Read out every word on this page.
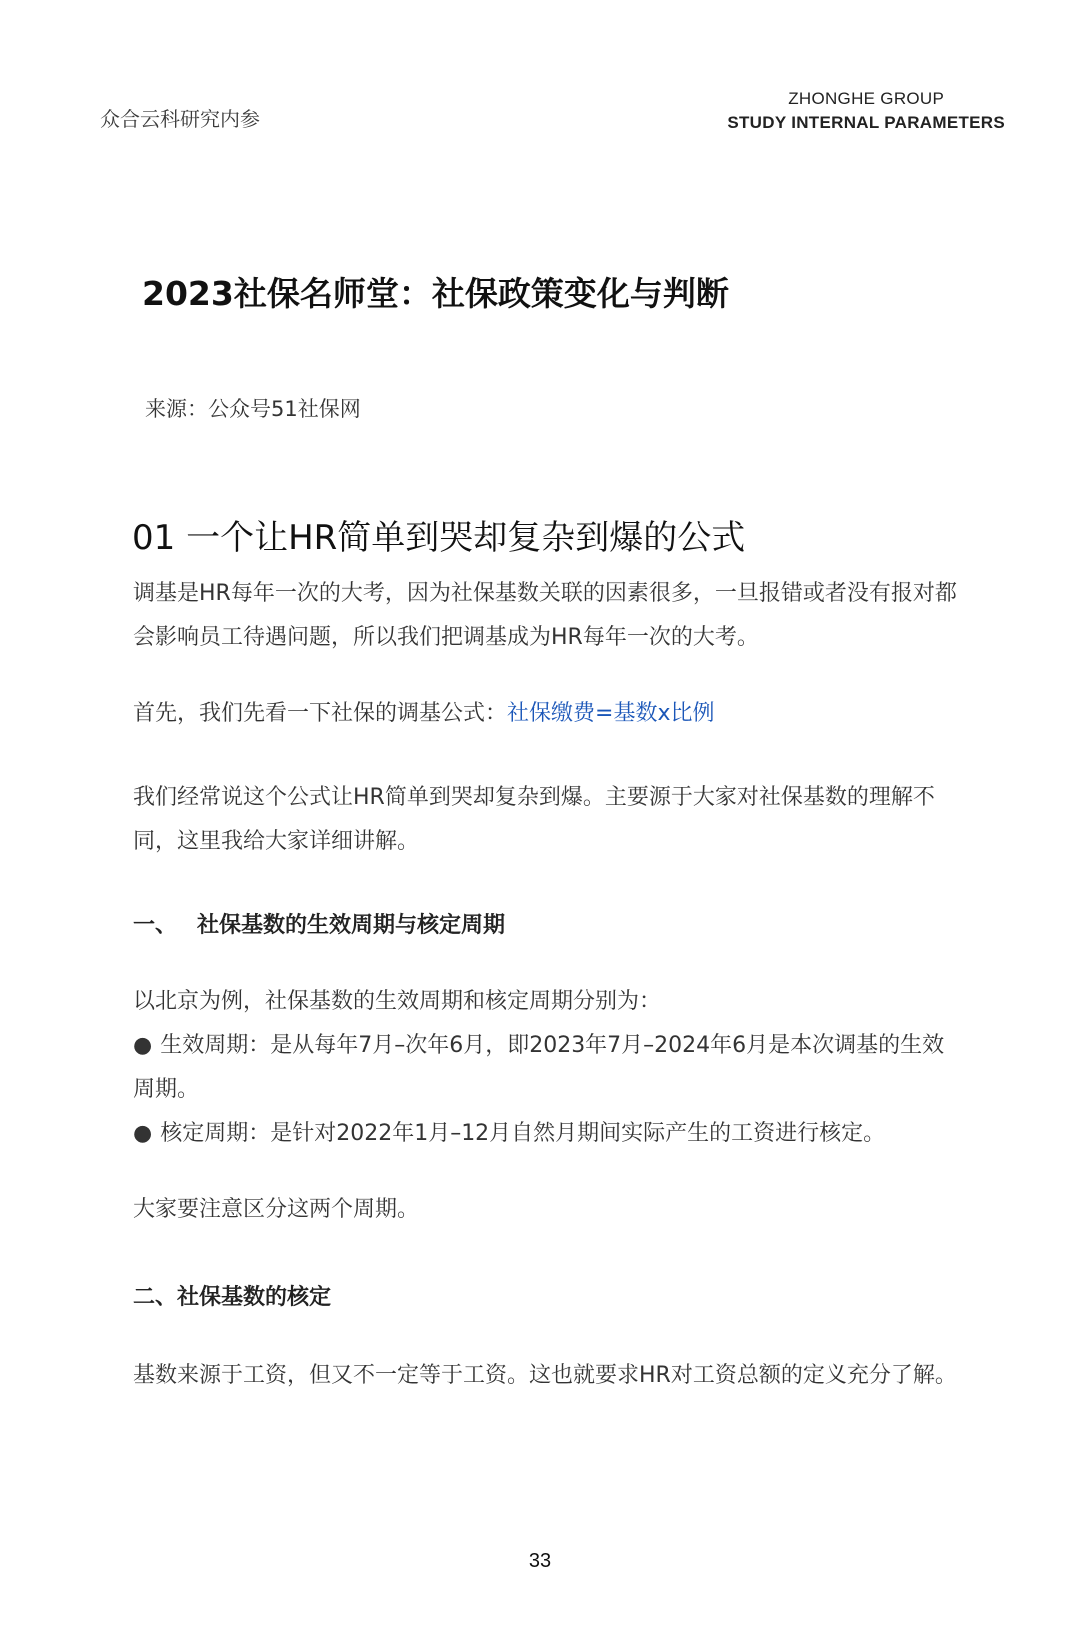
众合云科研究内参
ZHONGHE GROUP
STUDY INTERNAL PARAMETERS
2023社保名师堂：社保政策变化与判断
来源：公众号51社保网
01 一个让HR简单到哭却复杂到爆的公式
调基是HR每年一次的大考，因为社保基数关联的因素很多，一旦报错或者没有报对都会影响员工待遇问题，所以我们把调基成为HR每年一次的大考。
首先，我们先看一下社保的调基公式：社保缴费=基数x比例
我们经常说这个公式让HR简单到哭却复杂到爆。主要源于大家对社保基数的理解不同，这里我给大家详细讲解。
一、 社保基数的生效周期与核定周期
以北京为例，社保基数的生效周期和核定周期分别为：
● 生效周期：是从每年7月–次年6月，即2023年7月–2024年6月是本次调基的生效周期。
● 核定周期：是针对2022年1月–12月自然月期间实际产生的工资进行核定。
大家要注意区分这两个周期。
二、社保基数的核定
基数来源于工资，但又不一定等于工资。这也就要求HR对工资总额的定义充分了解。
33
